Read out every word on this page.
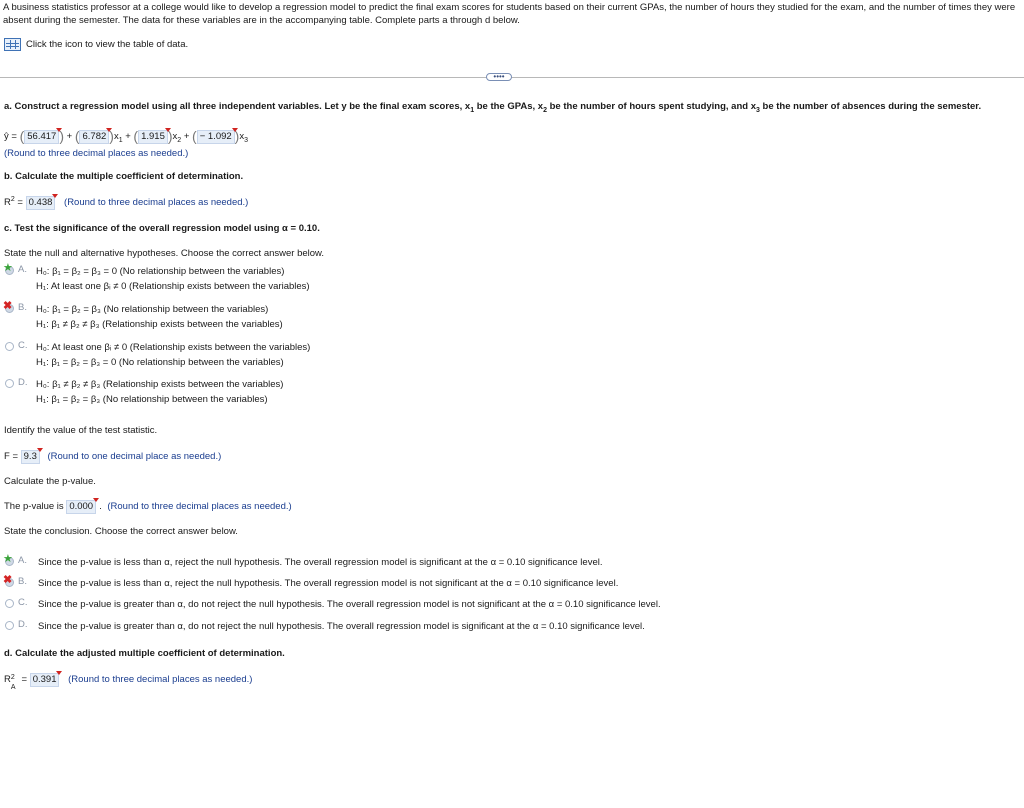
A business statistics professor at a college would like to develop a regression model to predict the final exam scores for students based on their current GPAs, the number of hours they studied for the exam, and the number of times they were absent during the semester. The data for these variables are in the accompanying table. Complete parts a through d below.
Click the icon to view the table of data.
••••
a. Construct a regression model using all three independent variables. Let y be the final exam scores, $x_1$ be the GPAs, $x_2$ be the number of hours spent studying, and $x_3$ be the number of absences during the semester.
ŷ = ( 56.417 ) + ( 6.782 )$x_1$ + ( 1.915 )$x_2$ + ( − 1.092 )$x_3$
(Round to three decimal places as needed.)
b. Calculate the multiple coefficient of determination.
$R^2 = 0.438$ (Round to three decimal places as needed.)
c. Test the significance of the overall regression model using α = 0.10.
State the null and alternative hypotheses. Choose the correct answer below.
★ A. H₀: β₁ = β₂ = β₃ = 0 (No relationship between the variables)
H₁: At least one βᵢ ≠ 0 (Relationship exists between the variables)
✖ B. H₀: β₁ = β₂ = β₃ (No relationship between the variables)
H₁: β₁ ≠ β₂ ≠ β₃ (Relationship exists between the variables)
C. H₀: At least one βᵢ ≠ 0 (Relationship exists between the variables)
H₁: β₁ = β₂ = β₃ = 0 (No relationship between the variables)
D. H₀: β₁ ≠ β₂ ≠ β₃ (Relationship exists between the variables)
H₁: β₁ = β₂ = β₃ (No relationship between the variables)
Identify the value of the test statistic.
F = 9.3 (Round to one decimal place as needed.)
Calculate the p-value.
The p-value is 0.000 . (Round to three decimal places as needed.)
State the conclusion. Choose the correct answer below.
★ A.	Since the p-value is less than α, reject the null hypothesis. The overall regression model is significant at the α = 0.10 significance level.
✖ B.	Since the p-value is less than α, reject the null hypothesis. The overall regression model is not significant at the α = 0.10 significance level.
C.	Since the p-value is greater than α, do not reject the null hypothesis. The overall regression model is not significant at the α = 0.10 significance level.
D.	Since the p-value is greater than α, do not reject the null hypothesis. The overall regression model is significant at the α = 0.10 significance level.
d. Calculate the adjusted multiple coefficient of determination.
R 2
A
= 0.391 (Round to three decimal places as needed.)
